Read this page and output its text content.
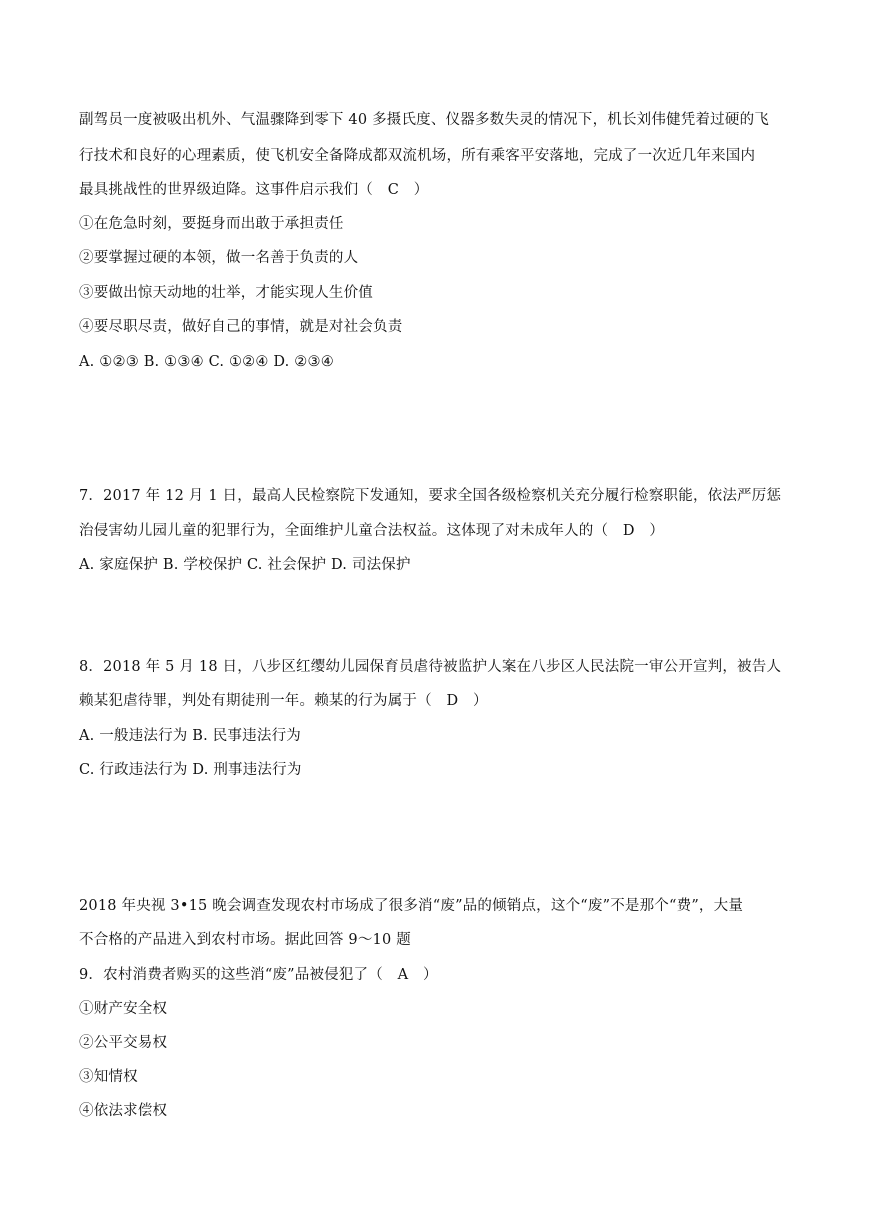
副驾员一度被吸出机外、气温骤降到零下 40 多摄氏度、仪器多数失灵的情况下，机长刘伟健凭着过硬的飞
行技术和良好的心理素质，使飞机安全备降成都双流机场，所有乘客平安落地，完成了一次近几年来国内
最具挑战性的世界级迫降。这事件启示我们（　C　）
①在危急时刻，要挺身而出敢于承担责任
②要掌握过硬的本领，做一名善于负责的人
③要做出惊天动地的壮举，才能实现人生价值
④要尽职尽责，做好自己的事情，就是对社会负责
A. ①②③ B. ①③④ C. ①②④ D. ②③④
7．2017 年 12 月 1 日，最高人民检察院下发通知，要求全国各级检察机关充分履行检察职能，依法严厉惩
治侵害幼儿园儿童的犯罪行为，全面维护儿童合法权益。这体现了对未成年人的（　D　）
A. 家庭保护 B. 学校保护 C. 社会保护 D. 司法保护
8．2018 年 5 月 18 日，八步区红缨幼儿园保育员虐待被监护人案在八步区人民法院一审公开宣判，被告人
赖某犯虐待罪，判处有期徒刑一年。赖某的行为属于（　D　）
A. 一般违法行为 B. 民事违法行为
C. 行政违法行为 D. 刑事违法行为
2018 年央视 3•15 晚会调查发现农村市场成了很多消“废”品的倾销点，这个“废”不是那个“费”，大量
不合格的产品进入到农村市场。据此回答 9～10 题
9．农村消费者购买的这些消“废”品被侵犯了（　A　）
①财产安全权
②公平交易权
③知情权
④依法求偿权
